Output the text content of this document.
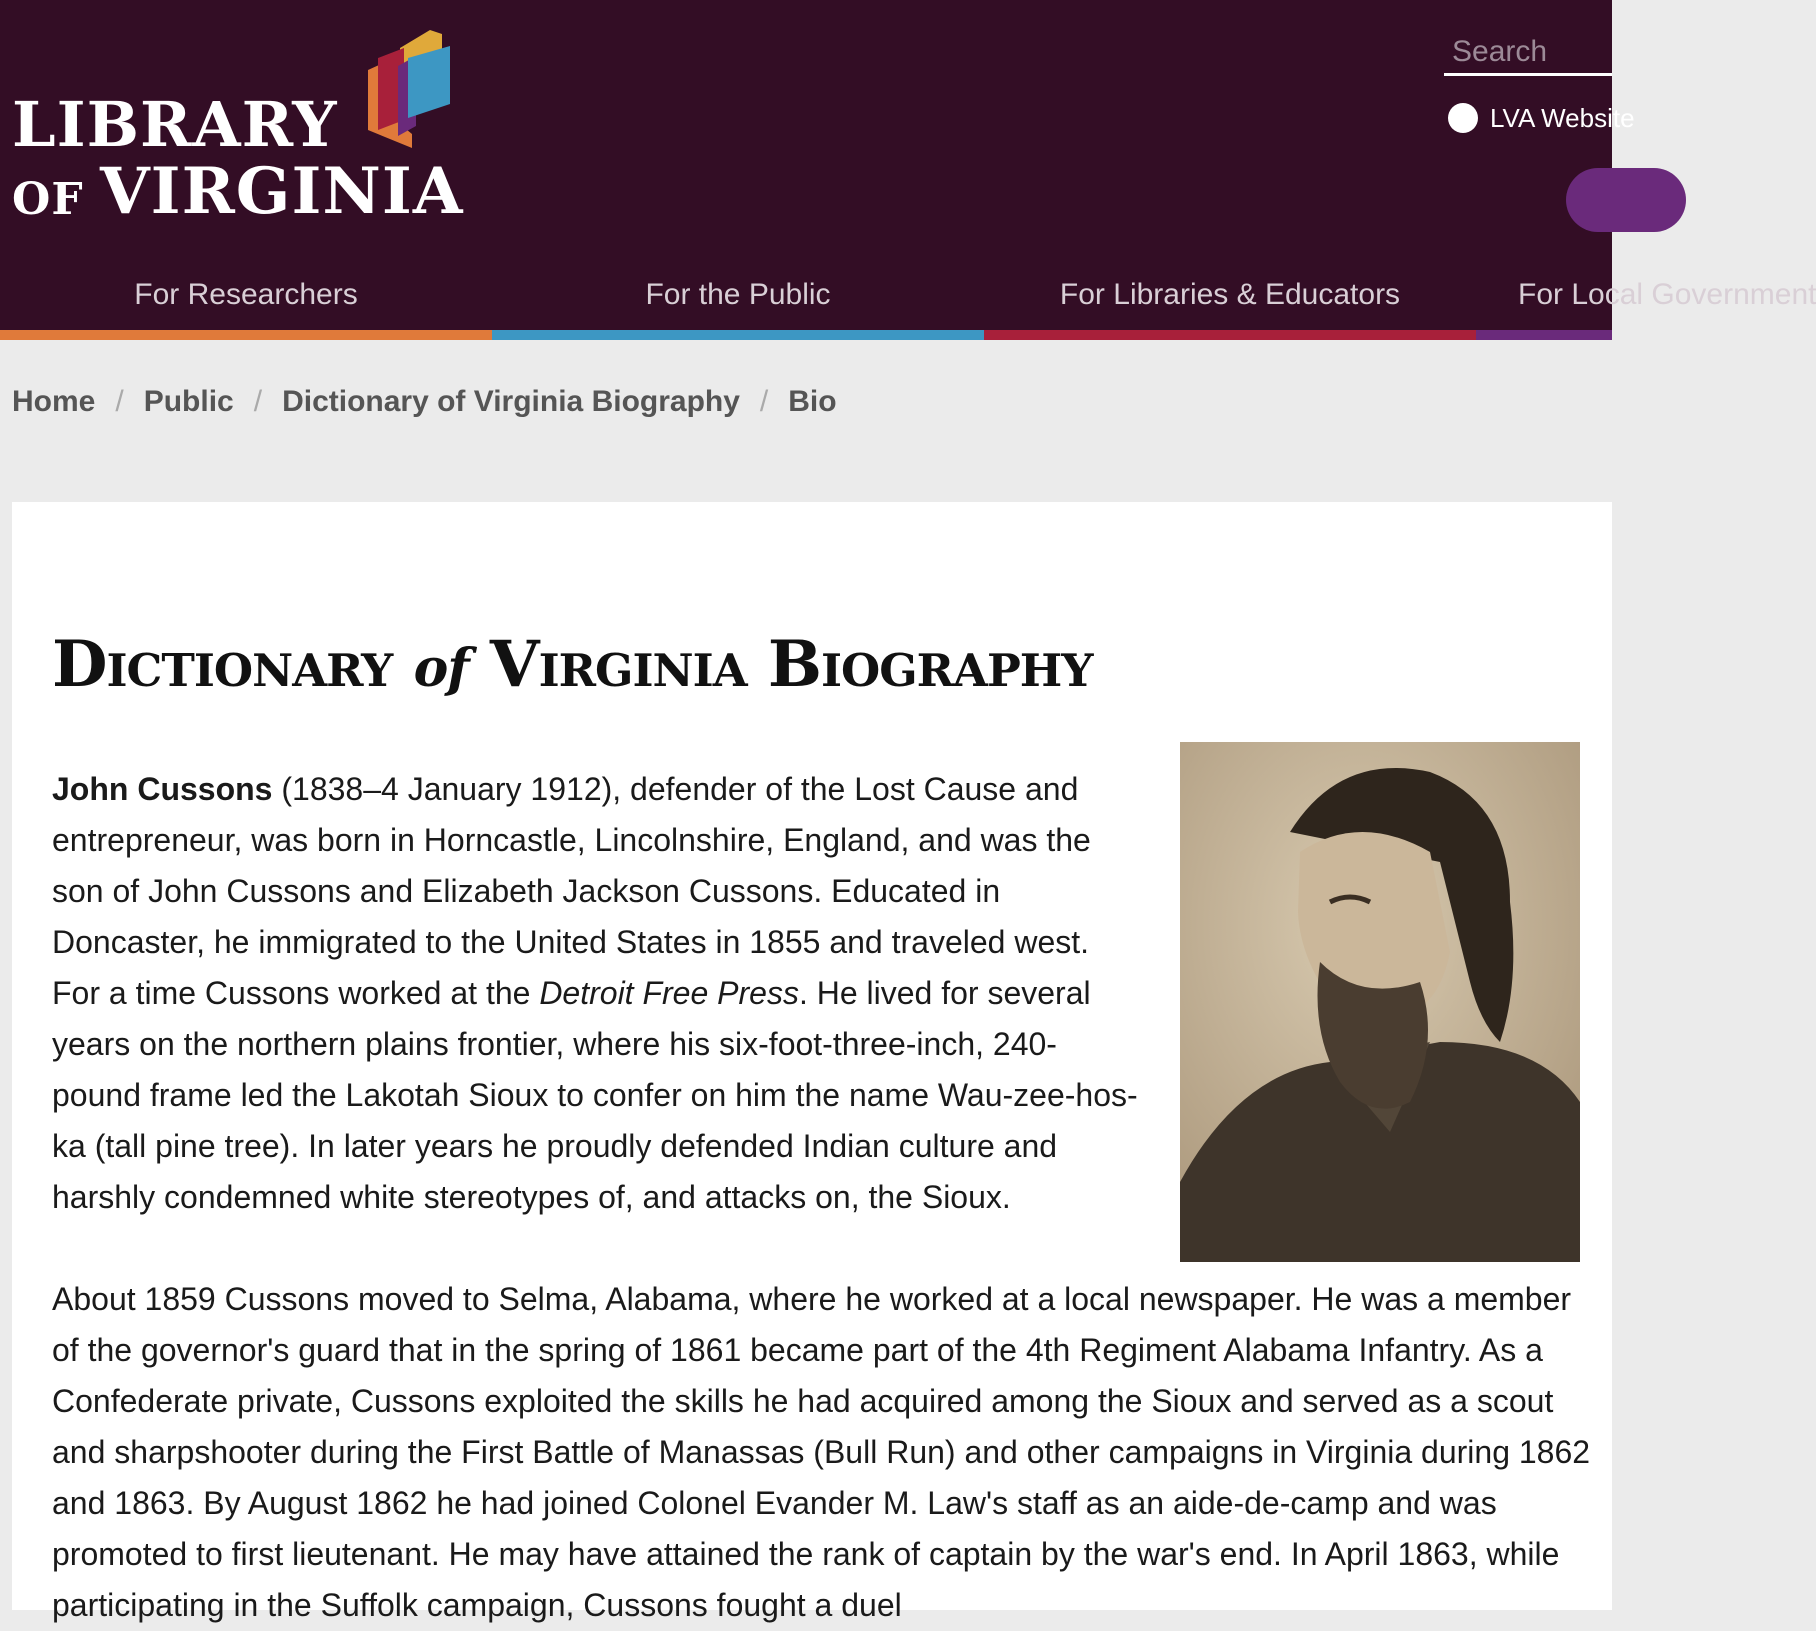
LIBRARY
OF VIRGINIA
Search
LVA Website
For Researchers	For the Public	For Libraries & Educators	For Local Government
Home / Public / Dictionary of Virginia Biography / Bio
Dictionary of Virginia Biography

John Cussons (1838–4 January 1912), defender of the Lost Cause and entrepreneur, was born in Horncastle, Lincolnshire, England, and was the son of John Cussons and Elizabeth Jackson Cussons. Educated in Doncaster, he immigrated to the United States in 1855 and traveled west. For a time Cussons worked at the Detroit Free Press. He lived for several years on the northern plains frontier, where his six-foot-three-inch, 240-pound frame led the Lakotah Sioux to confer on him the name Wau-zee-hos-ka (tall pine tree). In later years he proudly defended Indian culture and harshly condemned white stereotypes of, and attacks on, the Sioux.

About 1859 Cussons moved to Selma, Alabama, where he worked at a local newspaper. He was a member of the governor's guard that in the spring of 1861 became part of the 4th Regiment Alabama Infantry. As a Confederate private, Cussons exploited the skills he had acquired among the Sioux and served as a scout and sharpshooter during the First Battle of Manassas (Bull Run) and other campaigns in Virginia during 1862 and 1863. By August 1862 he had joined Colonel Evander M. Law's staff as an aide-de-camp and was promoted to first lieutenant. He may have attained the rank of captain by the war's end. In April 1863, while participating in the Suffolk campaign, Cussons fought a duel
